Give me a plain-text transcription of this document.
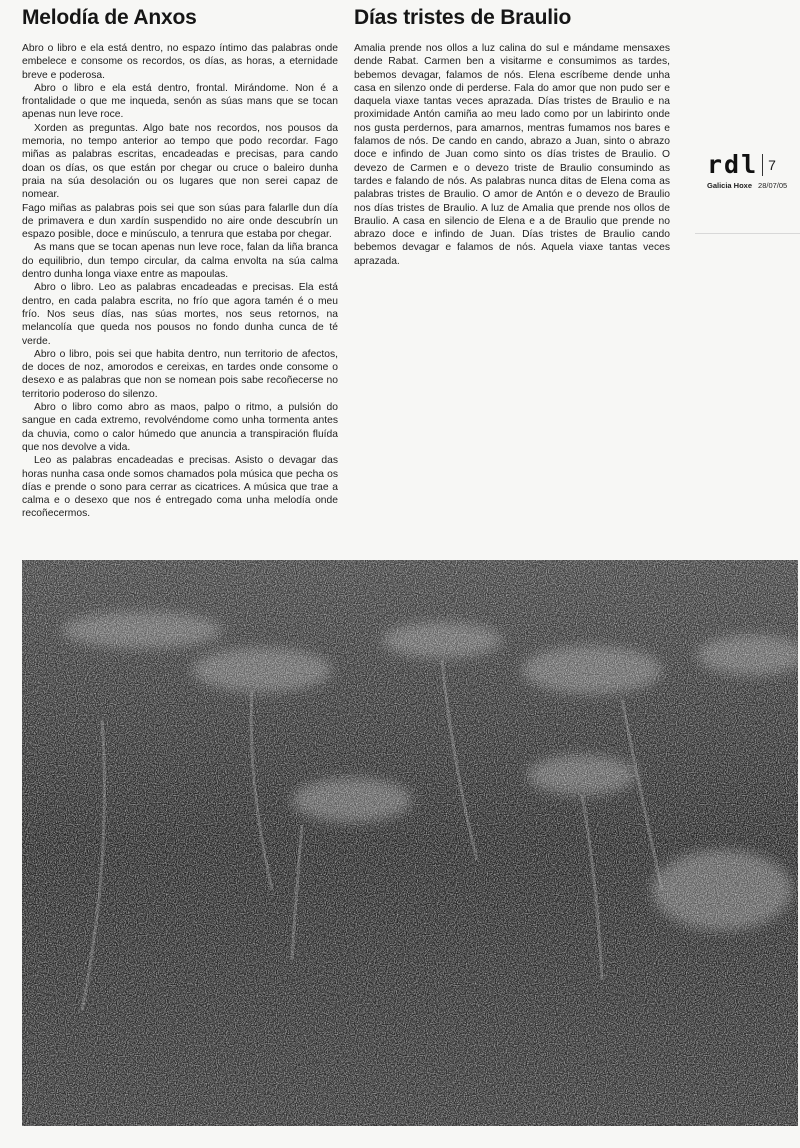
Melodía de Anxos

Abro o libro e ela está dentro, no espazo íntimo das palabras onde embelece e consome os recordos, os días, as horas, a eternidade breve e poderosa.

Abro o libro e ela está dentro, frontal. Mirándome. Non é a frontalidade o que me inqueda, senón as súas mans que se tocan apenas nun leve roce.

Xorden as preguntas. Algo bate nos recordos, nos pousos da memoria, no tempo anterior ao tempo que podo recordar. Fago miñas as palabras escritas, encadeadas e precisas, para cando doan os días, os que están por chegar ou cruce o baleiro dunha praia na súa desolación ou os lugares que non serei capaz de nomear.

Fago miñas as palabras pois sei que son súas para falarlle dun día de primavera e dun xardín suspendido no aire onde descubrín un espazo posible, doce e minúsculo, a tenrura que estaba por chegar.

As mans que se tocan apenas nun leve roce, falan da liña branca do equilibrio, dun tempo circular, da calma envolta na súa calma dentro dunha longa viaxe entre as mapoulas.

Abro o libro. Leo as palabras encadeadas e precisas. Ela está dentro, en cada palabra escrita, no frío que agora tamén é o meu frío. Nos seus días, nas súas mortes, nos seus retornos, na melancolía que queda nos pousos no fondo dunha cunca de té verde.

Abro o libro, pois sei que habita dentro, nun territorio de afectos, de doces de noz, amorodos e cereixas, en tardes onde consome o desexo e as palabras que non se nomean pois sabe recoñecerse no territorio poderoso do silenzo.

Abro o libro como abro as maos, palpo o ritmo, a pulsión do sangue en cada extremo, revolvéndome como unha tormenta antes da chuvia, como o calor húmedo que anuncia a transpiración fluída que nos devolve a vida.

Leo as palabras encadeadas e precisas. Asisto o devagar das horas nunha casa onde somos chamados pola música que pecha os días e prende o sono para cerrar as cicatrices. A música que trae a calma e o desexo que nos é entregado coma unha melodía onde recoñecermos.

Días tristes de Braulio

Amalia prende nos ollos a luz calina do sul e mándame mensaxes dende Rabat. Carmen ben a visitarme e consumimos as tardes, bebemos devagar, falamos de nós. Elena escríbeme dende unha casa en silenzo onde di perderse. Fala do amor que non pudo ser e daquela viaxe tantas veces aprazada. Días tristes de Braulio e na proximidade Antón camiña ao meu lado como por un labirinto onde nos gusta perdernos, para amarnos, mentras fumamos nos bares e falamos de nós. De cando en cando, abrazo a Juan, sinto o abrazo doce e infindo de Juan como sinto os días tristes de Braulio. O devezo de Carmen e o devezo triste de Braulio consumindo as tardes e falando de nós. As palabras nunca ditas de Elena coma as palabras tristes de Braulio. O amor de Antón e o devezo de Braulio nos días tristes de Braulio. A luz de Amalia que prende nos ollos de Braulio. A casa en silencio de Elena e a de Braulio que prende no abrazo doce e infindo de Juan. Días tristes de Braulio cando bebemos devagar e falamos de nós. Aquela viaxe tantas veces aprazada.

rdl 7
Galicia Hoxe 28/07/05
